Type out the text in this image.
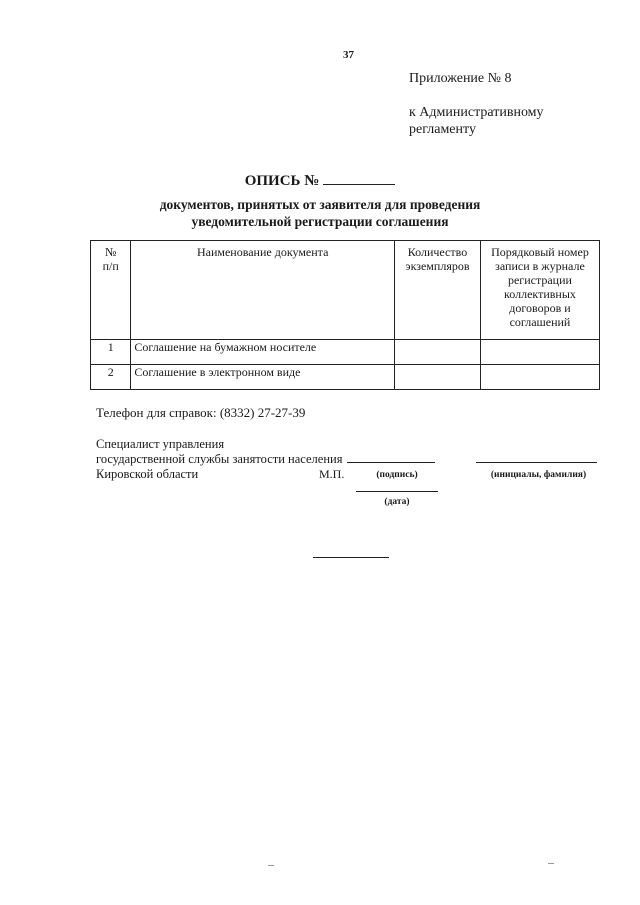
37
Приложение № 8
к Административному
регламенту
ОПИСЬ №
документов, принятых от заявителя для проведения
уведомительной регистрации соглашения
№
п/п	Наименование документа	Количество экземпляров	Порядковый номер записи в журнале регистрации коллективных договоров и соглашений
1	Соглашение на бумажном носителе		
2	Соглашение в электронном виде		
Телефон для справок: (8332) 27-27-39
Специалист управления
государственной службы занятости населения
Кировской области	М.П.	(подпись)	(инициалы, фамилия)
(дата)
